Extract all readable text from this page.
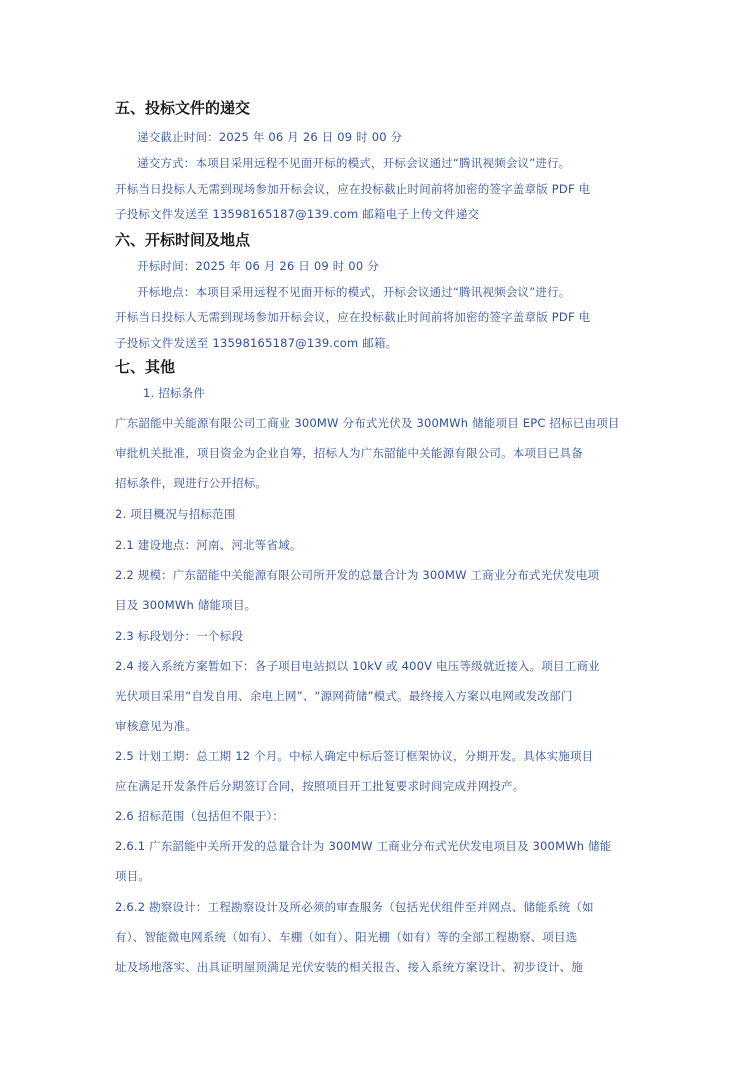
五、投标文件的递交
递交截止时间：2025 年 06 月 26 日 09 时 00 分
递交方式：本项目采用远程不见面开标的模式，开标会议通过“腾讯视频会议”进行。
开标当日投标人无需到现场参加开标会议，应在投标截止时间前将加密的签字盖章版 PDF 电
子投标文件发送至 13598165187@139.com 邮箱电子上传文件递交
六、开标时间及地点
开标时间：2025 年 06 月 26 日 09 时 00 分
开标地点：本项目采用远程不见面开标的模式，开标会议通过“腾讯视频会议”进行。
开标当日投标人无需到现场参加开标会议，应在投标截止时间前将加密的签字盖章版 PDF 电
子投标文件发送至 13598165187@139.com 邮箱。
七、其他
1. 招标条件
广东韶能中关能源有限公司工商业 300MW 分布式光伏及 300MWh 储能项目 EPC 招标已由项目
审批机关批准，项目资金为企业自筹，招标人为广东韶能中关能源有限公司。本项目已具备
招标条件，现进行公开招标。
2. 项目概况与招标范围
2.1 建设地点：河南、河北等省域。
2.2 规模：广东韶能中关能源有限公司所开发的总量合计为 300MW 工商业分布式光伏发电项
目及 300MWh 储能项目。
2.3 标段划分：一个标段
2.4 接入系统方案暂如下：各子项目电站拟以 10kV 或 400V 电压等级就近接入。项目工商业
光伏项目采用“自发自用、余电上网”、“源网荷储”模式。最终接入方案以电网或发改部门
审核意见为准。
2.5 计划工期：总工期 12 个月。中标人确定中标后签订框架协议，分期开发。具体实施项目
应在满足开发条件后分期签订合同，按照项目开工批复要求时间完成并网投产。
2.6 招标范围（包括但不限于）：
2.6.1 广东韶能中关所开发的总量合计为 300MW 工商业分布式光伏发电项目及 300MWh 储能
项目。
2.6.2 勘察设计：工程勘察设计及所必须的审查服务（包括光伏组件至并网点、储能系统（如
有）、智能微电网系统（如有）、车棚（如有）、阳光棚（如有）等的全部工程勘察、项目选
址及场地落实、出具证明屋顶满足光伏安装的相关报告、接入系统方案设计、初步设计、施
